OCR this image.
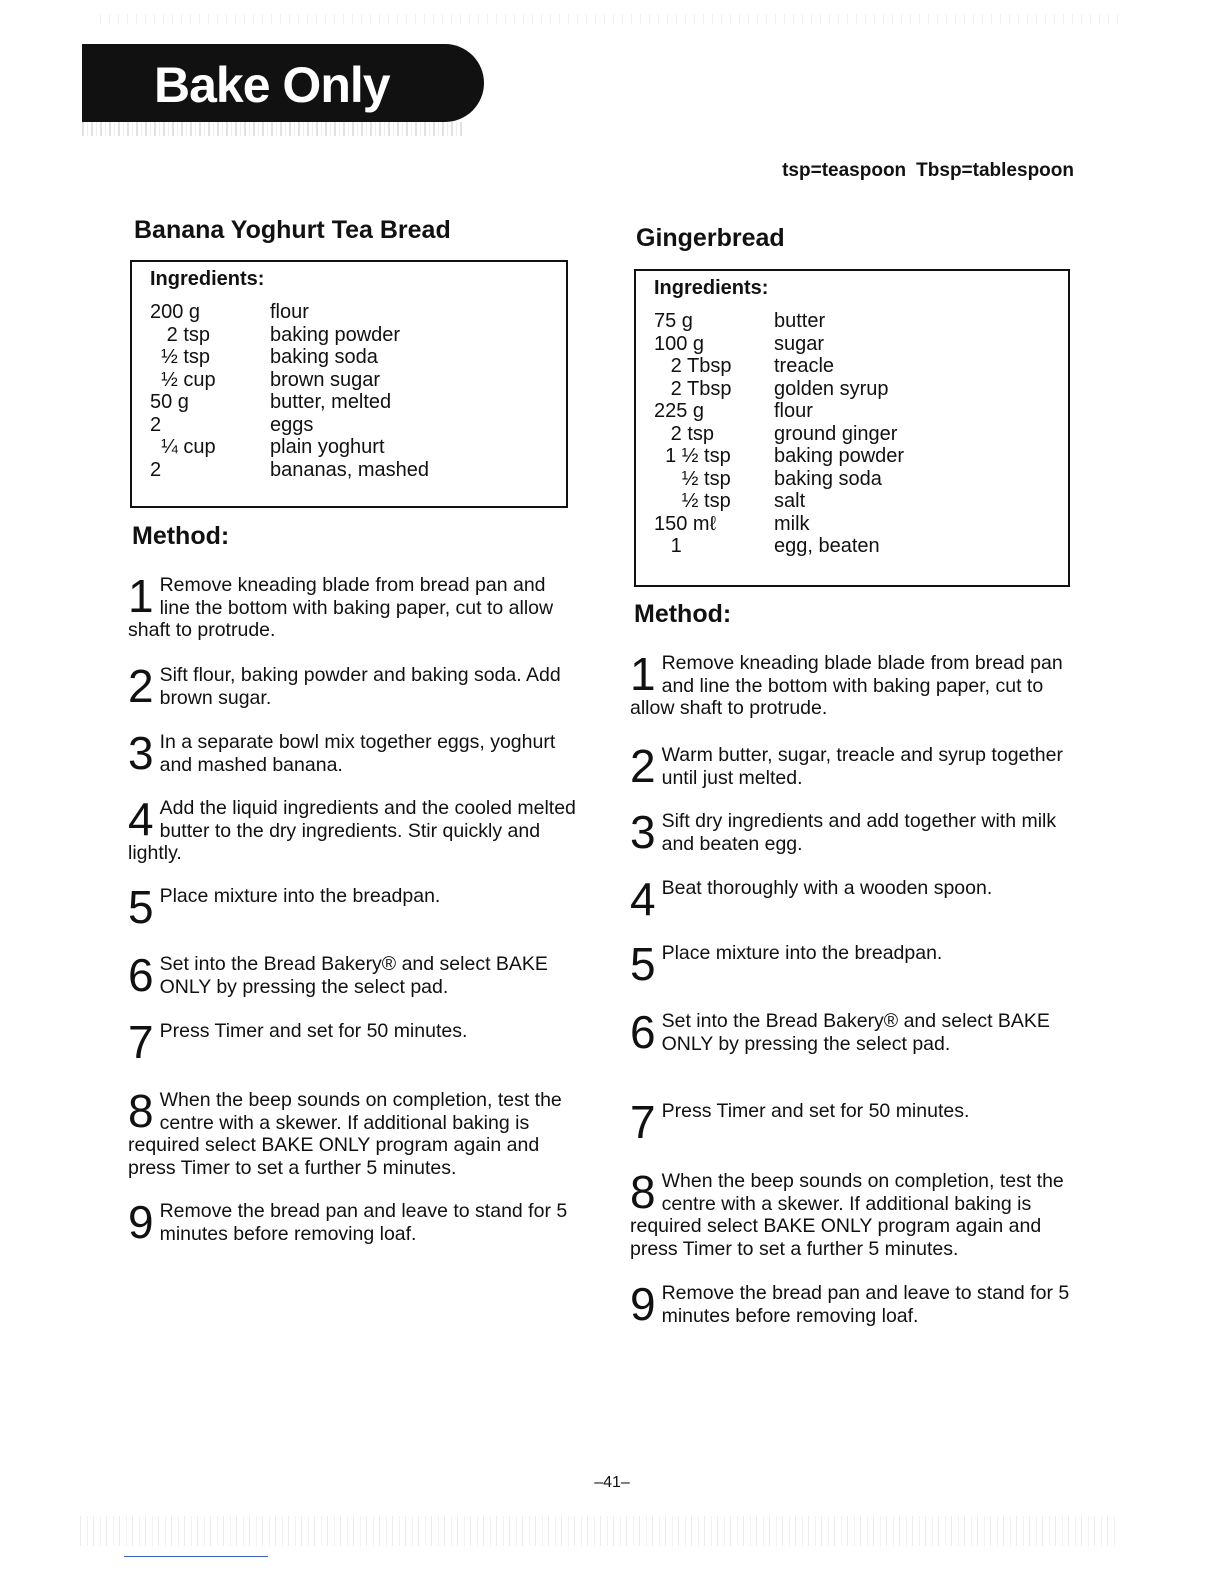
Bake Only
tsp=teaspoon Tbsp=tablespoon
Banana Yoghurt Tea Bread
Ingredients:
200 g	flour
2 tsp	baking powder
½ tsp	baking soda
½ cup	brown sugar
50 g	butter, melted
2	eggs
¼ cup	plain yoghurt
2	bananas, mashed
Method:
1 Remove kneading blade from bread pan and line the bottom with baking paper, cut to allow shaft to protrude.
2 Sift flour, baking powder and baking soda. Add brown sugar.
3 In a separate bowl mix together eggs, yoghurt and mashed banana.
4 Add the liquid ingredients and the cooled melted butter to the dry ingredients. Stir quickly and lightly.
5 Place mixture into the breadpan.
6 Set into the Bread Bakery® and select BAKE ONLY by pressing the select pad.
7 Press Timer and set for 50 minutes.
8 When the beep sounds on completion, test the centre with a skewer. If additional baking is required select BAKE ONLY program again and press Timer to set a further 5 minutes.
9 Remove the bread pan and leave to stand for 5 minutes before removing loaf.
Gingerbread
Ingredients:
75 g	butter
100 g	sugar
2 Tbsp	treacle
2 Tbsp	golden syrup
225 g	flour
2 tsp	ground ginger
1 ½ tsp	baking powder
½ tsp	baking soda
½ tsp	salt
150 mℓ	milk
1	egg, beaten
Method:
1 Remove kneading blade blade from bread pan and line the bottom with baking paper, cut to allow shaft to protrude.
2 Warm butter, sugar, treacle and syrup together until just melted.
3 Sift dry ingredients and add together with milk and beaten egg.
4 Beat thoroughly with a wooden spoon.
5 Place mixture into the breadpan.
6 Set into the Bread Bakery® and select BAKE ONLY by pressing the select pad.
7 Press Timer and set for 50 minutes.
8 When the beep sounds on completion, test the centre with a skewer. If additional baking is required select BAKE ONLY program again and press Timer to set a further 5 minutes.
9 Remove the bread pan and leave to stand for 5 minutes before removing loaf.
–41–
